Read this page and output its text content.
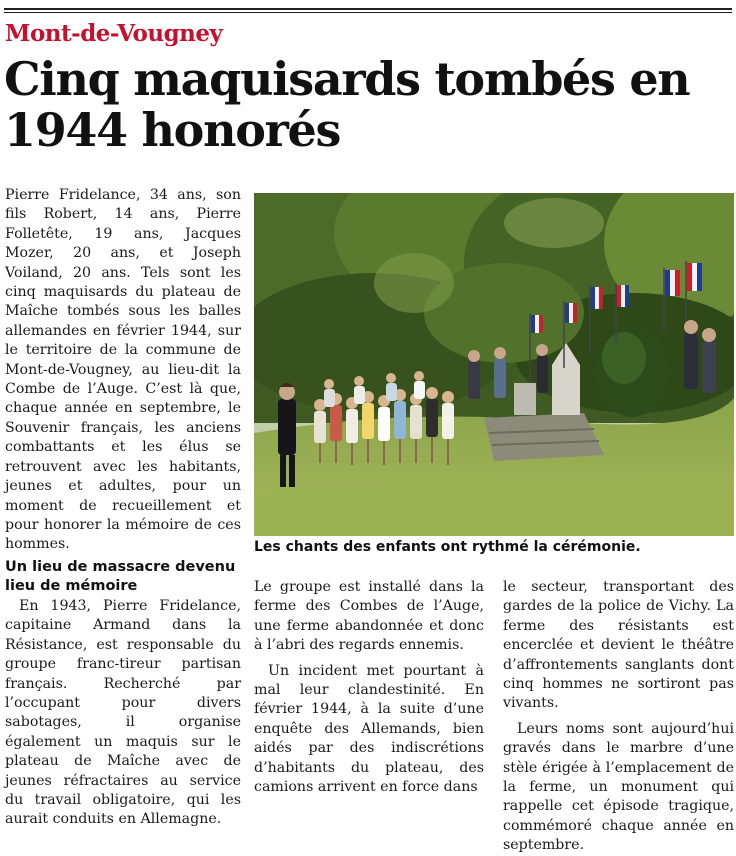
Mont-de-Vougney
Cinq maquisards tombés en 1944 honorés

Pierre Fridelance, 34 ans, son fils Robert, 14 ans, Pierre Folletête, 19 ans, Jacques Mozer, 20 ans, et Joseph Voiland, 20 ans. Tels sont les cinq maquisards du plateau de Maîche tombés sous les balles allemandes en février 1944, sur le territoire de la commune de Mont-de-Vougney, au lieu-dit la Combe de l’Auge. C’est là que, chaque année en septembre, le Souvenir français, les anciens combattants et les élus se retrouvent avec les habitants, jeunes et adultes, pour un moment de recueillement et pour honorer la mémoire de ces hommes.	Les chants des enfants ont rythmé la cérémonie.
Un lieu de massacre devenu lieu de mémoire

En 1943, Pierre Fridelance, capitaine Armand dans la Résistance, est responsable du groupe franc-tireur partisan français. Recherché par l’occupant pour divers sabotages, il organise également un maquis sur le plateau de Maîche avec de jeunes réfractaires au service du travail obligatoire, qui les aurait conduits en Allemagne.

Le groupe est installé dans la ferme des Combes de l’Auge, une ferme abandonnée et donc à l’abri des regards ennemis.

Un incident met pourtant à mal leur clandestinité. En février 1944, à la suite d’une enquête des Allemands, bien aidés par des indiscrétions d’habitants du plateau, des camions arrivent en force dans

le secteur, transportant des gardes de la police de Vichy. La ferme des résistants est encerclée et devient le théâtre d’affrontements sanglants dont cinq hommes ne sortiront pas vivants.

Leurs noms sont aujourd’hui gravés dans le marbre d’une stèle érigée à l’emplacement de la ferme, un monument qui rappelle cet épisode tragique, commémoré chaque année en septembre.
